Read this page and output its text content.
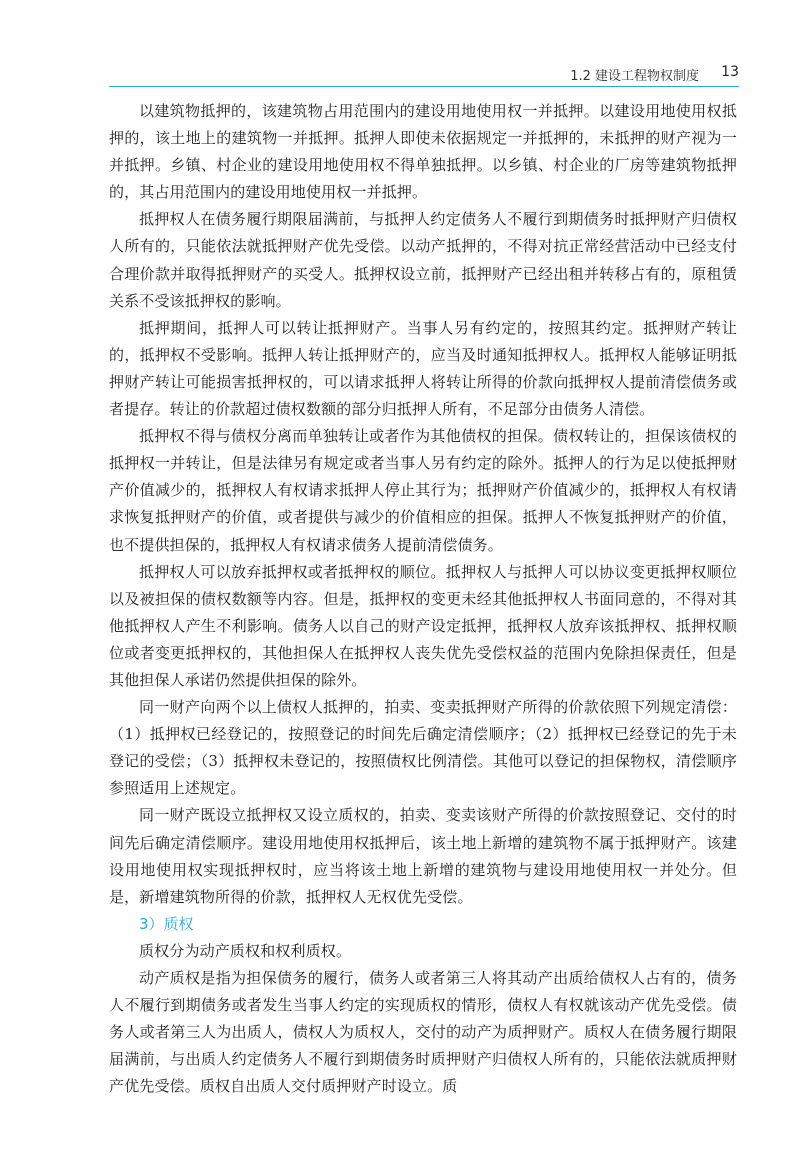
1.2 建设工程物权制度 13

以建筑物抵押的，该建筑物占用范围内的建设用地使用权一并抵押。以建设用地使用权抵押的，该土地上的建筑物一并抵押。抵押人即使未依据规定一并抵押的，未抵押的财产视为一并抵押。乡镇、村企业的建设用地使用权不得单独抵押。以乡镇、村企业的厂房等建筑物抵押的，其占用范围内的建设用地使用权一并抵押。

抵押权人在债务履行期限届满前，与抵押人约定债务人不履行到期债务时抵押财产归债权人所有的，只能依法就抵押财产优先受偿。以动产抵押的，不得对抗正常经营活动中已经支付合理价款并取得抵押财产的买受人。抵押权设立前，抵押财产已经出租并转移占有的，原租赁关系不受该抵押权的影响。

抵押期间，抵押人可以转让抵押财产。当事人另有约定的，按照其约定。抵押财产转让的，抵押权不受影响。抵押人转让抵押财产的，应当及时通知抵押权人。抵押权人能够证明抵押财产转让可能损害抵押权的，可以请求抵押人将转让所得的价款向抵押权人提前清偿债务或者提存。转让的价款超过债权数额的部分归抵押人所有，不足部分由债务人清偿。

抵押权不得与债权分离而单独转让或者作为其他债权的担保。债权转让的，担保该债权的抵押权一并转让，但是法律另有规定或者当事人另有约定的除外。抵押人的行为足以使抵押财产价值减少的，抵押权人有权请求抵押人停止其行为；抵押财产价值减少的，抵押权人有权请求恢复抵押财产的价值，或者提供与减少的价值相应的担保。抵押人不恢复抵押财产的价值，也不提供担保的，抵押权人有权请求债务人提前清偿债务。

抵押权人可以放弃抵押权或者抵押权的顺位。抵押权人与抵押人可以协议变更抵押权顺位以及被担保的债权数额等内容。但是，抵押权的变更未经其他抵押权人书面同意的，不得对其他抵押权人产生不利影响。债务人以自己的财产设定抵押，抵押权人放弃该抵押权、抵押权顺位或者变更抵押权的，其他担保人在抵押权人丧失优先受偿权益的范围内免除担保责任，但是其他担保人承诺仍然提供担保的除外。

同一财产向两个以上债权人抵押的，拍卖、变卖抵押财产所得的价款依照下列规定清偿：（1）抵押权已经登记的，按照登记的时间先后确定清偿顺序；（2）抵押权已经登记的先于未登记的受偿；（3）抵押权未登记的，按照债权比例清偿。其他可以登记的担保物权，清偿顺序参照适用上述规定。

同一财产既设立抵押权又设立质权的，拍卖、变卖该财产所得的价款按照登记、交付的时间先后确定清偿顺序。建设用地使用权抵押后，该土地上新增的建筑物不属于抵押财产。该建设用地使用权实现抵押权时，应当将该土地上新增的建筑物与建设用地使用权一并处分。但是，新增建筑物所得的价款，抵押权人无权优先受偿。

3）质权

质权分为动产质权和权利质权。

动产质权是指为担保债务的履行，债务人或者第三人将其动产出质给债权人占有的，债务人不履行到期债务或者发生当事人约定的实现质权的情形，债权人有权就该动产优先受偿。债务人或者第三人为出质人，债权人为质权人，交付的动产为质押财产。质权人在债务履行期限届满前，与出质人约定债务人不履行到期债务时质押财产归债权人所有的，只能依法就质押财产优先受偿。质权自出质人交付质押财产时设立。质
